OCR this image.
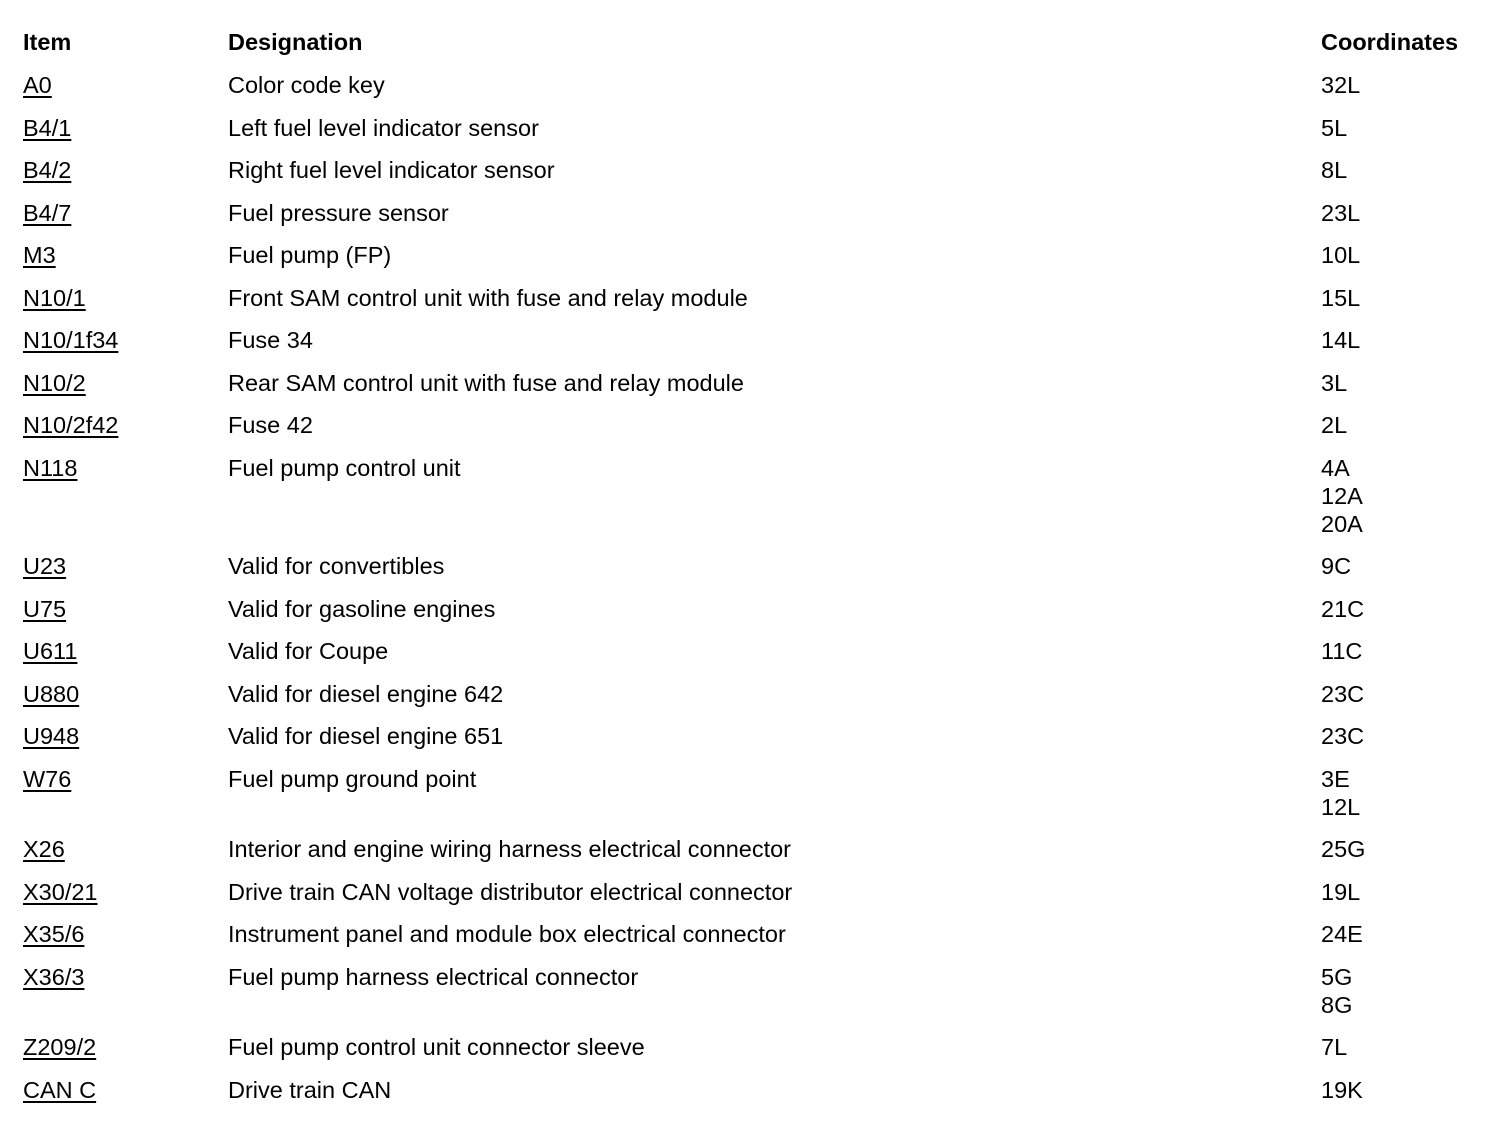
Item	Designation	Coordinates
A0	Color code key	32L
B4/1	Left fuel level indicator sensor	5L
B4/2	Right fuel level indicator sensor	8L
B4/7	Fuel pressure sensor	23L
M3	Fuel pump (FP)	10L
N10/1	Front SAM control unit with fuse and relay module	15L
N10/1f34	Fuse 34	14L
N10/2	Rear SAM control unit with fuse and relay module	3L
N10/2f42	Fuse 42	2L
N118	Fuel pump control unit	4A
12A
20A
U23	Valid for convertibles	9C
U75	Valid for gasoline engines	21C
U611	Valid for Coupe	11C
U880	Valid for diesel engine 642	23C
U948	Valid for diesel engine 651	23C
W76	Fuel pump ground point	3E
12L
X26	Interior and engine wiring harness electrical connector	25G
X30/21	Drive train CAN voltage distributor electrical connector	19L
X35/6	Instrument panel and module box electrical connector	24E
X36/3	Fuel pump harness electrical connector	5G
8G
Z209/2	Fuel pump control unit connector sleeve	7L
CAN C	Drive train CAN	19K
